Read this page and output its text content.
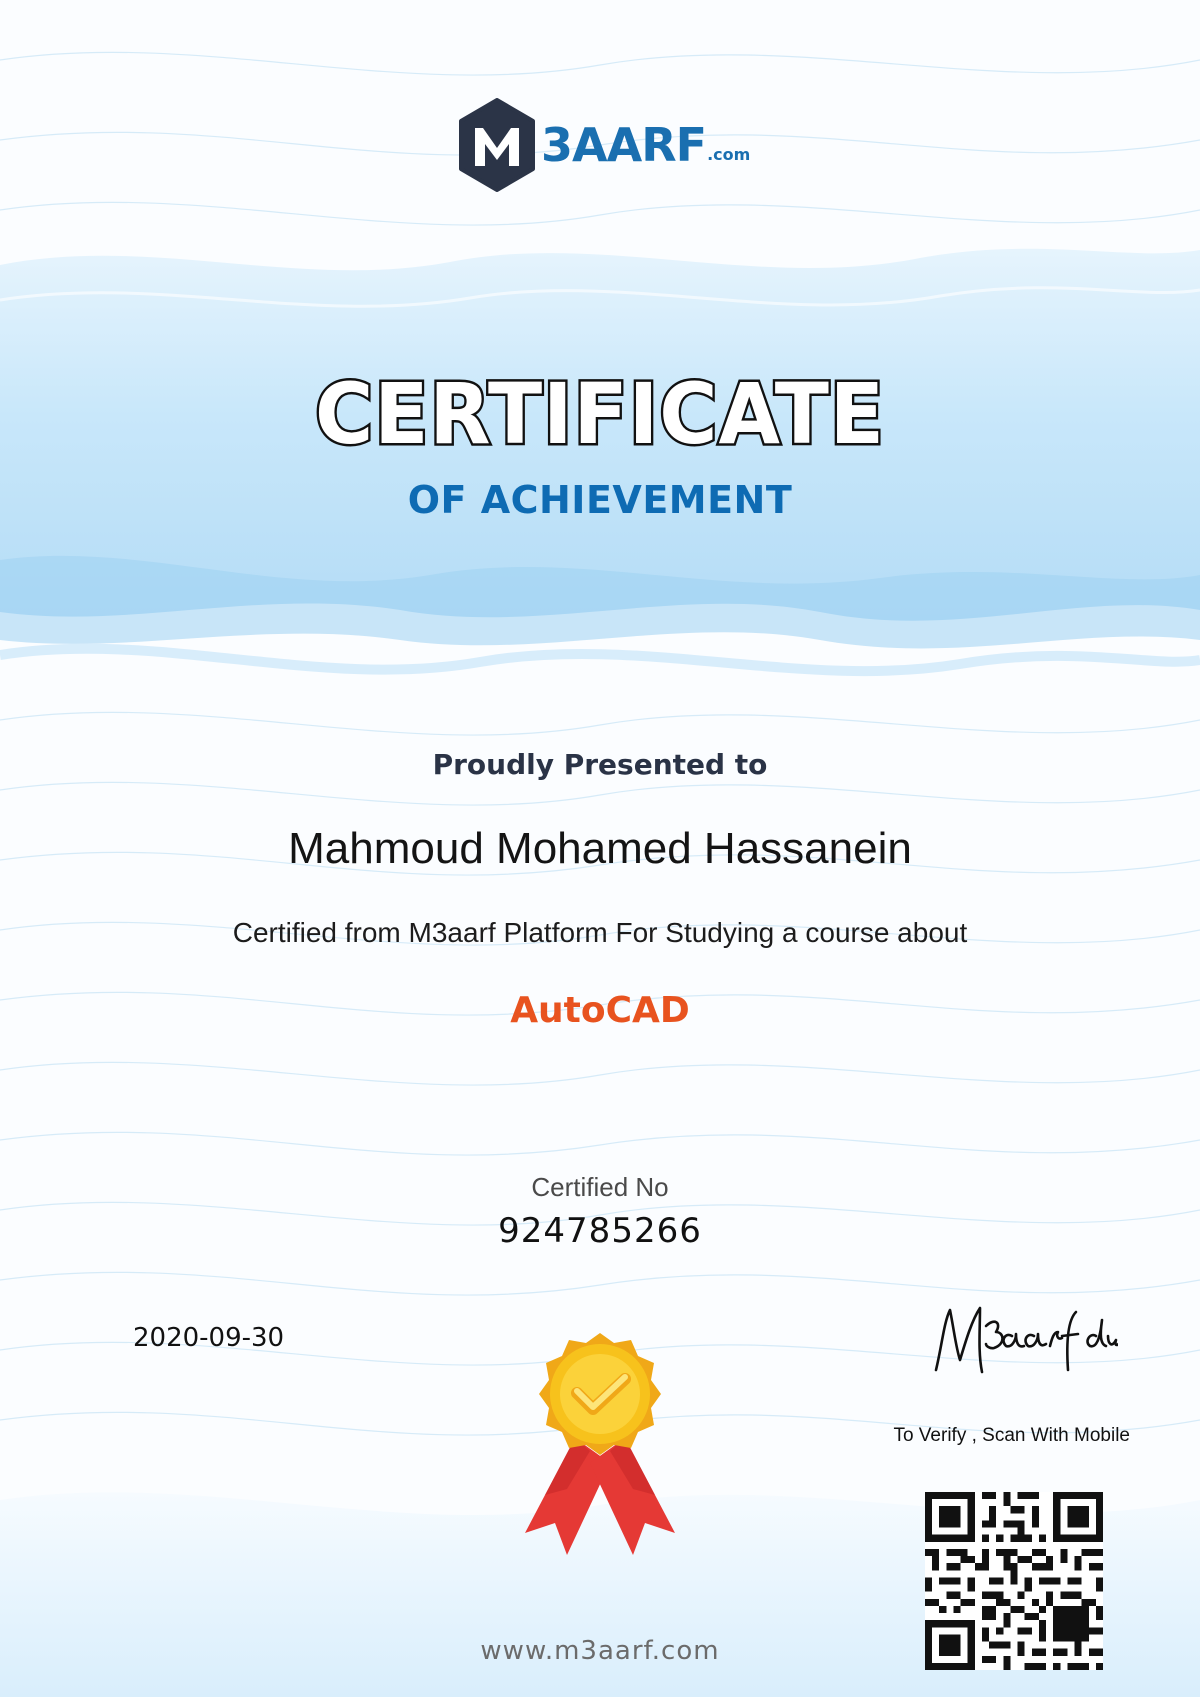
3AARF .com
CERTIFICATE
OF ACHIEVEMENT
Proudly Presented to
Mahmoud Mohamed Hassanein
Certified from M3aarf Platform For Studying a course about
AutoCAD
Certified No
924785266
2020-09-30
To Verify , Scan With Mobile
www.m3aarf.com
